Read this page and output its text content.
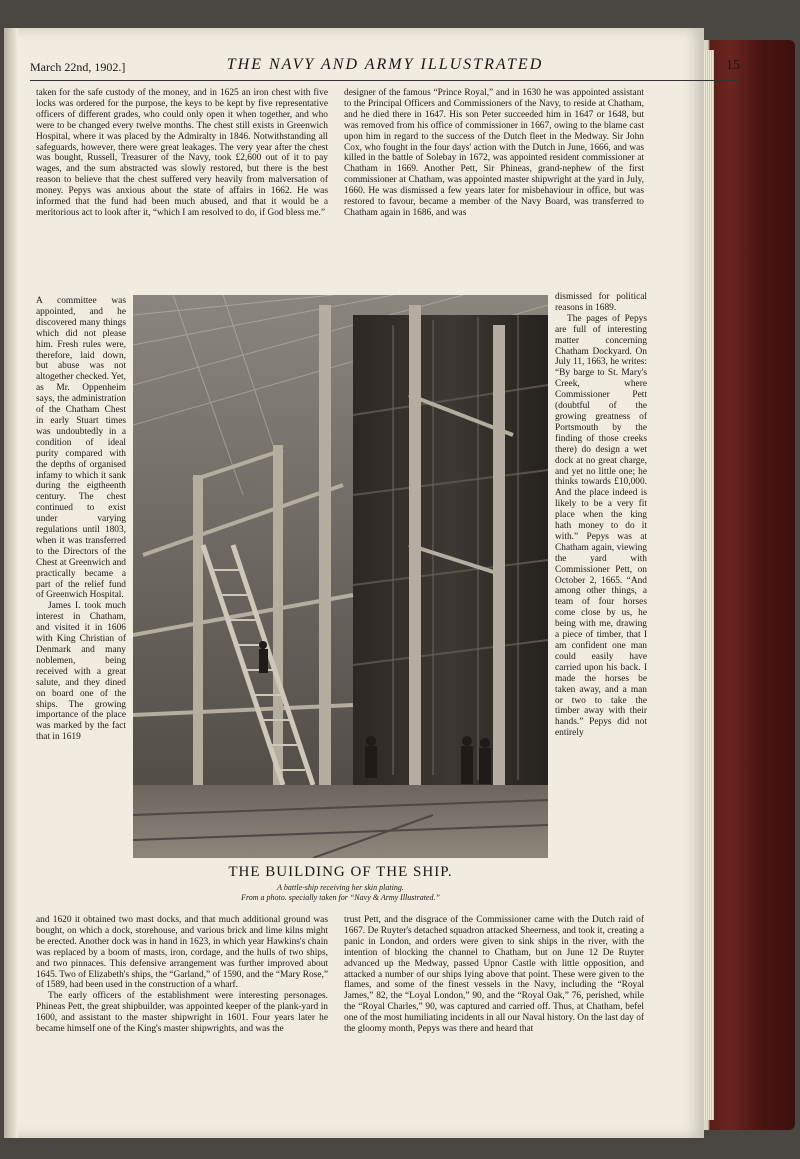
March 22nd, 1902.]	THE NAVY AND ARMY ILLUSTRATED	15

taken for the safe custody of the money, and in 1625 an iron chest with five locks was ordered for the purpose, the keys to be kept by five representative officers of different grades, who could only open it when together, and who were to be changed every twelve months. The chest still exists in Greenwich Hospital, where it was placed by the Admiralty in 1846. Notwithstanding all safeguards, however, there were great leakages. The very year after the chest was bought, Russell, Treasurer of the Navy, took £2,600 out of it to pay wages, and the sum abstracted was slowly restored, but there is the best reason to believe that the chest suffered very heavily from malversation of money. Pepys was anxious about the state of affairs in 1662. He was informed that the fund had been much abused, and that it would be a meritorious act to look after it, “which I am resolved to do, if God bless me.”

A committee was appointed, and he discovered many things which did not please him. Fresh rules were, therefore, laid down, but abuse was not altogether checked. Yet, as Mr. Oppenheim says, the administration of the Chatham Chest in early Stuart times was undoubtedly in a condition of ideal purity compared with the depths of organised infamy to which it sank during the eigtheenth century. The chest continued to exist under varying regulations until 1803, when it was transferred to the Directors of the Chest at Greenwich and practically became a part of the relief fund of Greenwich Hospital.

James I. took much interest in Chatham, and visited it in 1606 with King Christian of Denmark and many noblemen, being received with a great salute, and they dined on board one of the ships. The growing importance of the place was marked by the fact that in 1619

and 1620 it obtained two mast docks, and that much additional ground was bought, on which a dock, storehouse, and various brick and lime kilns might be erected. Another dock was in hand in 1623, in which year Hawkins's chain was replaced by a boom of masts, iron, cordage, and the hulls of two ships, and two pinnaces. This defensive arrangement was further improved about 1645. Two of Elizabeth's ships, the “Garland,” of 1590, and the “Mary Rose,” of 1589, had been used in the construction of a wharf.

The early officers of the establishment were interesting personages. Phineas Pett, the great shipbuilder, was appointed keeper of the plank-yard in 1600, and assistant to the master shipwright in 1601. Four years later he became himself one of the King's master shipwrights, and was the

designer of the famous “Prince Royal,” and in 1630 he was appointed assistant to the Principal Officers and Commissioners of the Navy, to reside at Chatham, and he died there in 1647. His son Peter succeeded him in 1647 or 1648, but was removed from his office of commissioner in 1667, owing to the blame cast upon him in regard to the success of the Dutch fleet in the Medway. Sir John Cox, who fought in the four days' action with the Dutch in June, 1666, and was killed in the battle of Solebay in 1672, was appointed resident commissioner at Chatham in 1669. Another Pett, Sir Phineas, grand-nephew of the first commissioner at Chatham, was appointed master shipwright at the yard in July, 1660. He was dismissed a few years later for misbehaviour in office, but was restored to favour, became a member of the Navy Board, was transferred to Chatham again in 1686, and was

dismissed for political reasons in 1689.

The pages of Pepys are full of interesting matter concerning Chatham Dockyard. On July 11, 1663, he writes: “By barge to St. Mary's Creek, where Commissioner Pett (doubtful of the growing greatness of Portsmouth by the finding of those creeks there) do design a wet dock at no great charge, and yet no little one; he thinks towards £10,000. And the place indeed is likely to be a very fit place when the king hath money to do it with.” Pepys was at Chatham again, viewing the yard with Commissioner Pett, on October 2, 1665. “And among other things, a team of four horses come close by us, he being with me, drawing a piece of timber, that I am confident one man could easily have carried upon his back. I made the horses be taken away, and a man or two to take the timber away with their hands.” Pepys did not entirely

trust Pett, and the disgrace of the Commissioner came with the Dutch raid of 1667. De Ruyter's detached squadron attacked Sheerness, and took it, creating a panic in London, and orders were given to sink ships in the river, with the intention of blocking the channel to Chatham, but on June 12 De Ruyter advanced up the Medway, passed Upnor Castle with little opposition, and attacked a number of our ships lying above that point. These were given to the flames, and some of the finest vessels in the Navy, including the “Royal James,” 82, the “Loyal London,” 90, and the “Royal Oak,” 76, perished, while the “Royal Charles,” 90, was captured and carried off. Thus, at Chatham, befel one of the most humiliating incidents in all our Naval history. On the last day of the gloomy month, Pepys was there and heard that

THE BUILDING OF THE SHIP.
A battle-ship receiving her skin plating.
From a photo. specially taken for “Navy & Army Illustrated.”
